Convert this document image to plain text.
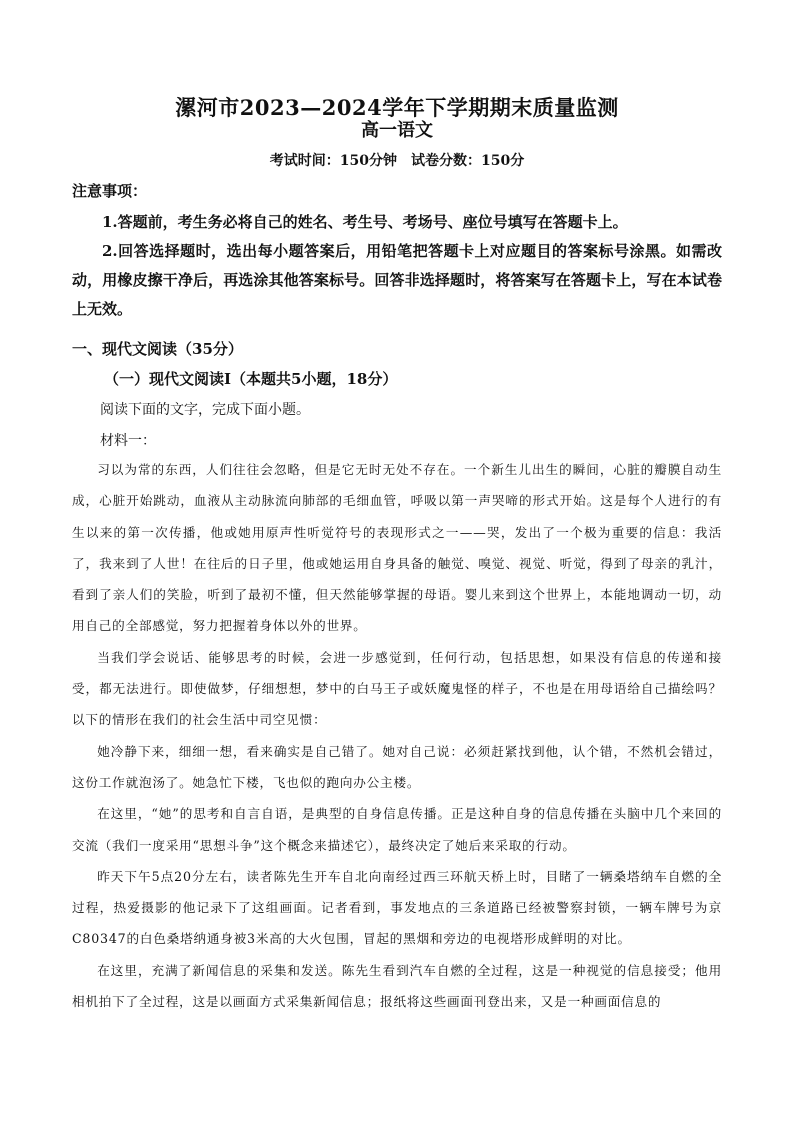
漯河市2023—2024学年下学期期末质量监测
高一语文
考试时间：150分钟　试卷分数：150分
注意事项：

1.答题前，考生务必将自己的姓名、考生号、考场号、座位号填写在答题卡上。

2.回答选择题时，选出每小题答案后，用铅笔把答题卡上对应题目的答案标号涂黑。如需改动，用橡皮擦干净后，再选涂其他答案标号。回答非选择题时，将答案写在答题卡上，写在本试卷上无效。

一、现代文阅读（35分）
（一）现代文阅读Ⅰ（本题共5小题，18分）
阅读下面的文字，完成下面小题。
材料一：

习以为常的东西，人们往往会忽略，但是它无时无处不存在。一个新生儿出生的瞬间，心脏的瓣膜自动生成，心脏开始跳动，血液从主动脉流向肺部的毛细血管，呼吸以第一声哭啼的形式开始。这是每个人进行的有生以来的第一次传播，他或她用原声性听觉符号的表现形式之一——哭，发出了一个极为重要的信息：我活了，我来到了人世！在往后的日子里，他或她运用自身具备的触觉、嗅觉、视觉、听觉，得到了母亲的乳汁，看到了亲人们的笑脸，听到了最初不懂，但天然能够掌握的母语。婴儿来到这个世界上，本能地调动一切，动用自己的全部感觉，努力把握着身体以外的世界。

当我们学会说话、能够思考的时候，会进一步感觉到，任何行动，包括思想，如果没有信息的传递和接受，都无法进行。即使做梦，仔细想想，梦中的白马王子或妖魔鬼怪的样子，不也是在用母语给自己描绘吗？以下的情形在我们的社会生活中司空见惯：

她冷静下来，细细一想，看来确实是自己错了。她对自己说：必须赶紧找到他，认个错，不然机会错过，这份工作就泡汤了。她急忙下楼，飞也似的跑向办公主楼。

在这里，“她”的思考和自言自语，是典型的自身信息传播。正是这种自身的信息传播在头脑中几个来回的交流（我们一度采用“思想斗争”这个概念来描述它），最终决定了她后来采取的行动。

昨天下午5点20分左右，读者陈先生开车自北向南经过西三环航天桥上时，目睹了一辆桑塔纳车自燃的全过程，热爱摄影的他记录下了这组画面。记者看到，事发地点的三条道路已经被警察封锁，一辆车牌号为京C80347的白色桑塔纳通身被3米高的大火包围，冒起的黑烟和旁边的电视塔形成鲜明的对比。

在这里，充满了新闻信息的采集和发送。陈先生看到汽车自燃的全过程，这是一种视觉的信息接受；他用相机拍下了全过程，这是以画面方式采集新闻信息；报纸将这些画面刊登出来，又是一种画面信息的
